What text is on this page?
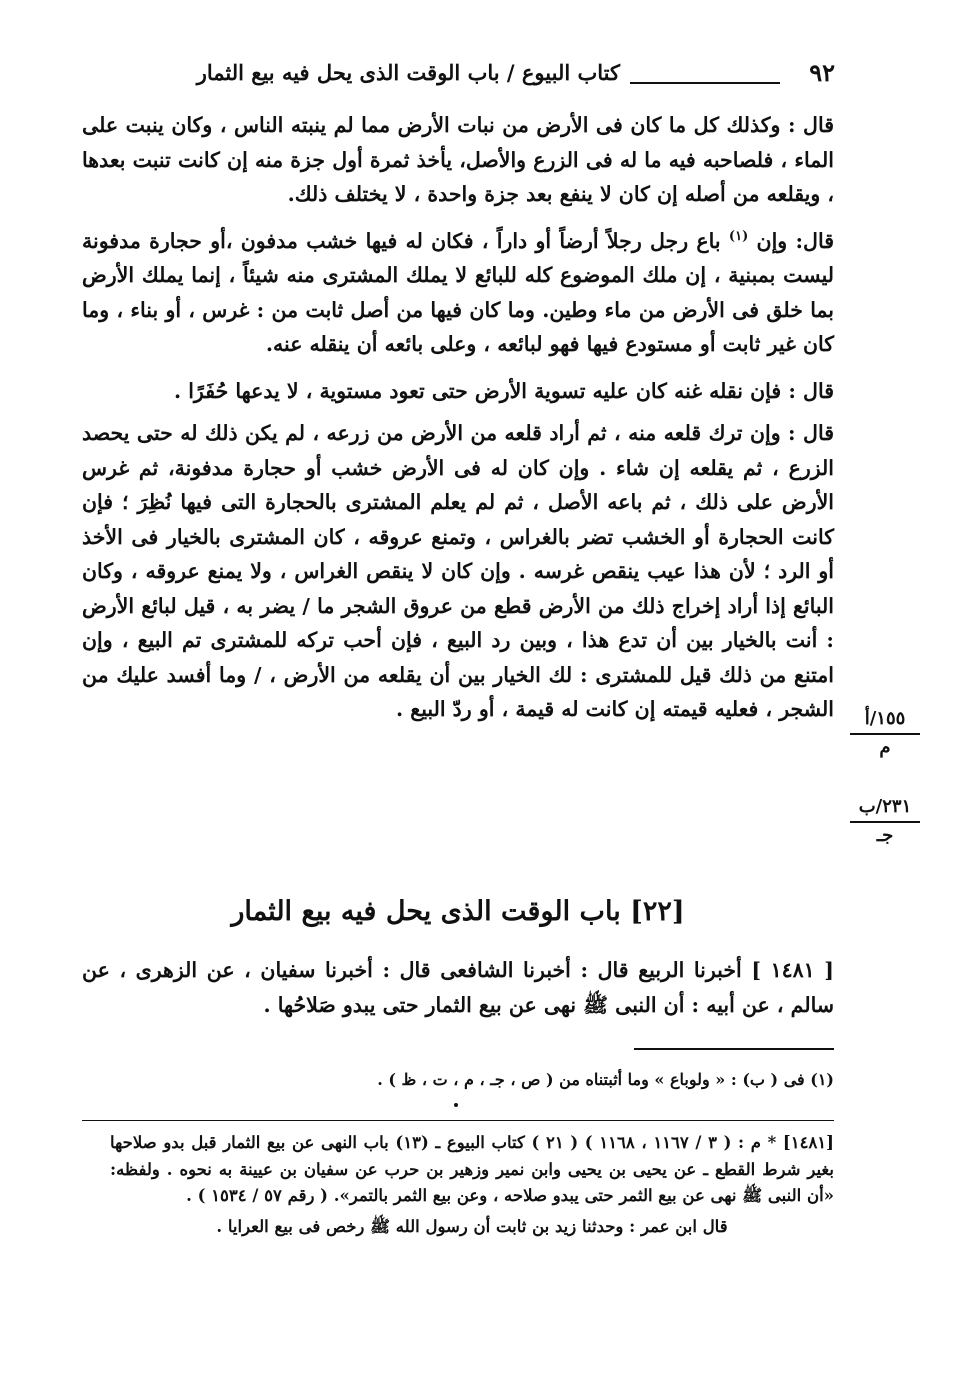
٩٢
كتاب البيوع / باب الوقت الذى يحل فيه بيع الثمار

قال : وكذلك كل ما كان فى الأرض من نبات الأرض مما لم ينبته الناس ، وكان ينبت على الماء ، فلصاحبه فيه ما له فى الزرع والأصل، يأخذ ثمرة أول جزة منه إن كانت تنبت بعدها ، ويقلعه من أصله إن كان لا ينفع بعد جزة واحدة ، لا يختلف ذلك.

قال: وإن $^{(١)}$ باع رجل رجلاً أرضاً أو داراً ، فكان له فيها خشب مدفون ،أو حجارة مدفونة ليست بمبنية ، إن ملك الموضوع كله للبائع لا يملك المشترى منه شيئاً ، إنما يملك الأرض بما خلق فى الأرض من ماء وطين. وما كان فيها من أصل ثابت من : غرس ، أو بناء ، وما كان غير ثابت أو مستودع فيها فهو لبائعه ، وعلى بائعه أن ينقله عنه.

قال : فإن نقله غنه كان عليه تسوية الأرض حتى تعود مستوية ، لا يدعها حُفَرًا .

قال : وإن ترك قلعه منه ، ثم أراد قلعه من الأرض من زرعه ، لم يكن ذلك له حتى يحصد الزرع ، ثم يقلعه إن شاء . وإن كان له فى الأرض خشب أو حجارة مدفونة، ثم غرس الأرض على ذلك ، ثم باعه الأصل ، ثم لم يعلم المشترى بالحجارة التى فيها نُظِرَ ؛ فإن كانت الحجارة أو الخشب تضر بالغراس ، وتمنع عروقه ، كان المشترى بالخيار فى الأخذ أو الرد ؛ لأن هذا عيب ينقص غرسه . وإن كان لا ينقص الغراس ، ولا يمنع عروقه ، وكان البائع إذا أراد إخراج ذلك من الأرض قطع من عروق الشجر ما / يضر به ، قيل لبائع الأرض : أنت بالخيار بين أن تدع هذا ، وبين رد البيع ، فإن أحب تركه للمشترى تم البيع ، وإن امتنع من ذلك قيل للمشترى : لك الخيار بين أن يقلعه من الأرض ، / وما أفسد عليك من الشجر ، فعليه قيمته إن كانت له قيمة ، أو ردّ البيع .	١٥٥/أ
م
٢٣١/ب
جـ
[٢٢] باب الوقت الذى يحل فيه بيع الثمار
[ ١٤٨١ ] أخبرنا الربيع قال : أخبرنا الشافعى قال : أخبرنا سفيان ، عن الزهرى ، عن سالم ، عن أبيه : أن النبى ﷺ نهى عن بيع الثمار حتى يبدو صَلاحُها .
(١) فى ( ب) : « ولوباع » وما أثبتناه من ( ص ، جـ ، م ، ت ، ظ ) .
[١٤٨١] * م : ( ٣ / ١١٦٧ ، ١١٦٨ ) ( ٢١ ) كتاب البيوع ـ (١٣) باب النهى عن بيع الثمار قبل بدو صلاحها بغير شرط القطع ـ عن يحيى بن يحيى وابن نمير وزهير بن حرب عن سفيان بن عيينة به نحوه . ولفظه: «أن النبى ﷺ نهى عن بيع الثمر حتى يبدو صلاحه ، وعن بيع الثمر بالتمر». ( رقم ٥٧ / ١٥٣٤ ) .
قال ابن عمر : وحدثنا زيد بن ثابت أن رسول الله ﷺ رخص فى بيع العرايا .
